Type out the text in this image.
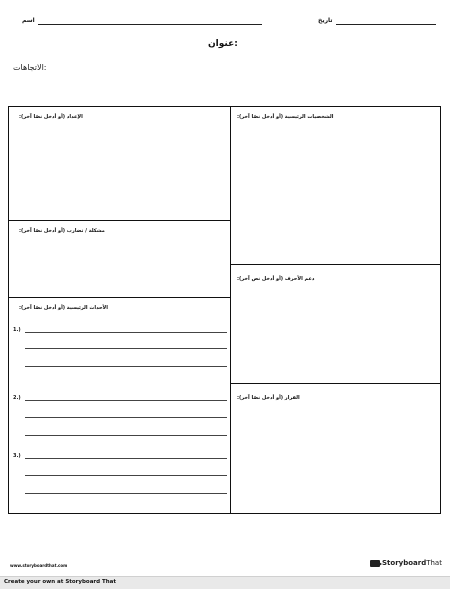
تاريخ
اسم
:عنوان
:الاتجاهات
الإعداد (أو أدخل نصًا آخر):
مشكلة / تضارب (أو أدخل نصًا آخر):
الأحداث الرئيسية (أو أدخل نصًا آخر):
1.)
2.)
3.)
الشخصيات الرئيسية (أو أدخل نصًا آخر):
دعم الأحرف (أو أدخل نص آخر):
القرار (أو أدخل نصًا آخر):
www.storyboardthat.com	StoryboardThat
Create your own at Storyboard That
